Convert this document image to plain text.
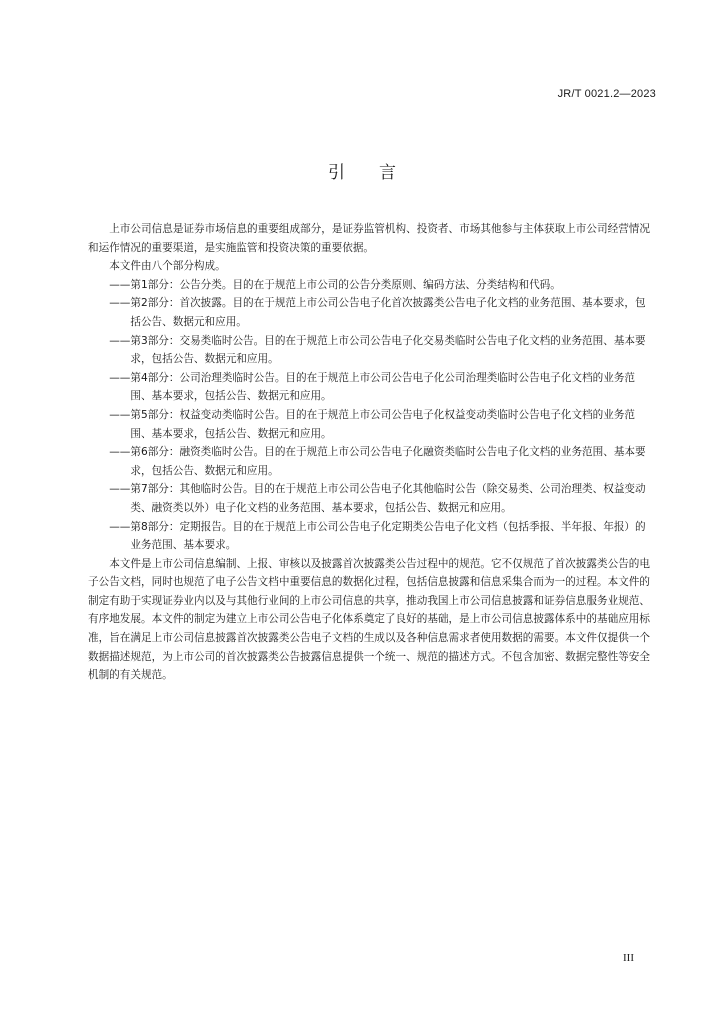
JR/T 0021.2—2023
引言

上市公司信息是证券市场信息的重要组成部分，是证券监管机构、投资者、市场其他参与主体获取上市公司经营情况和运作情况的重要渠道，是实施监管和投资决策的重要依据。

本文件由八个部分构成。

—— 第1部分：公告分类。目的在于规范上市公司的公告分类原则、编码方法、分类结构和代码。
—— 第2部分：首次披露。目的在于规范上市公司公告电子化首次披露类公告电子化文档的业务范围、基本要求，包括公告、数据元和应用。
—— 第3部分：交易类临时公告。目的在于规范上市公司公告电子化交易类临时公告电子化文档的业务范围、基本要求，包括公告、数据元和应用。
—— 第4部分：公司治理类临时公告。目的在于规范上市公司公告电子化公司治理类临时公告电子化文档的业务范围、基本要求，包括公告、数据元和应用。
—— 第5部分：权益变动类临时公告。目的在于规范上市公司公告电子化权益变动类临时公告电子化文档的业务范围、基本要求，包括公告、数据元和应用。
—— 第6部分：融资类临时公告。目的在于规范上市公司公告电子化融资类临时公告电子化文档的业务范围、基本要求，包括公告、数据元和应用。
—— 第7部分：其他临时公告。目的在于规范上市公司公告电子化其他临时公告（除交易类、公司治理类、权益变动类、融资类以外）电子化文档的业务范围、基本要求，包括公告、数据元和应用。
—— 第8部分：定期报告。目的在于规范上市公司公告电子化定期类公告电子化文档（包括季报、半年报、年报）的业务范围、基本要求。

本文件是上市公司信息编制、上报、审核以及披露首次披露类公告过程中的规范。它不仅规范了首次披露类公告的电子公告文档，同时也规范了电子公告文档中重要信息的数据化过程，包括信息披露和信息采集合而为一的过程。本文件的制定有助于实现证券业内以及与其他行业间的上市公司信息的共享，推动我国上市公司信息披露和证券信息服务业规范、有序地发展。本文件的制定为建立上市公司公告电子化体系奠定了良好的基础，是上市公司信息披露体系中的基础应用标准，旨在满足上市公司信息披露首次披露类公告电子文档的生成以及各种信息需求者使用数据的需要。本文件仅提供一个数据描述规范，为上市公司的首次披露类公告披露信息提供一个统一、规范的描述方式。不包含加密、数据完整性等安全机制的有关规范。

III
